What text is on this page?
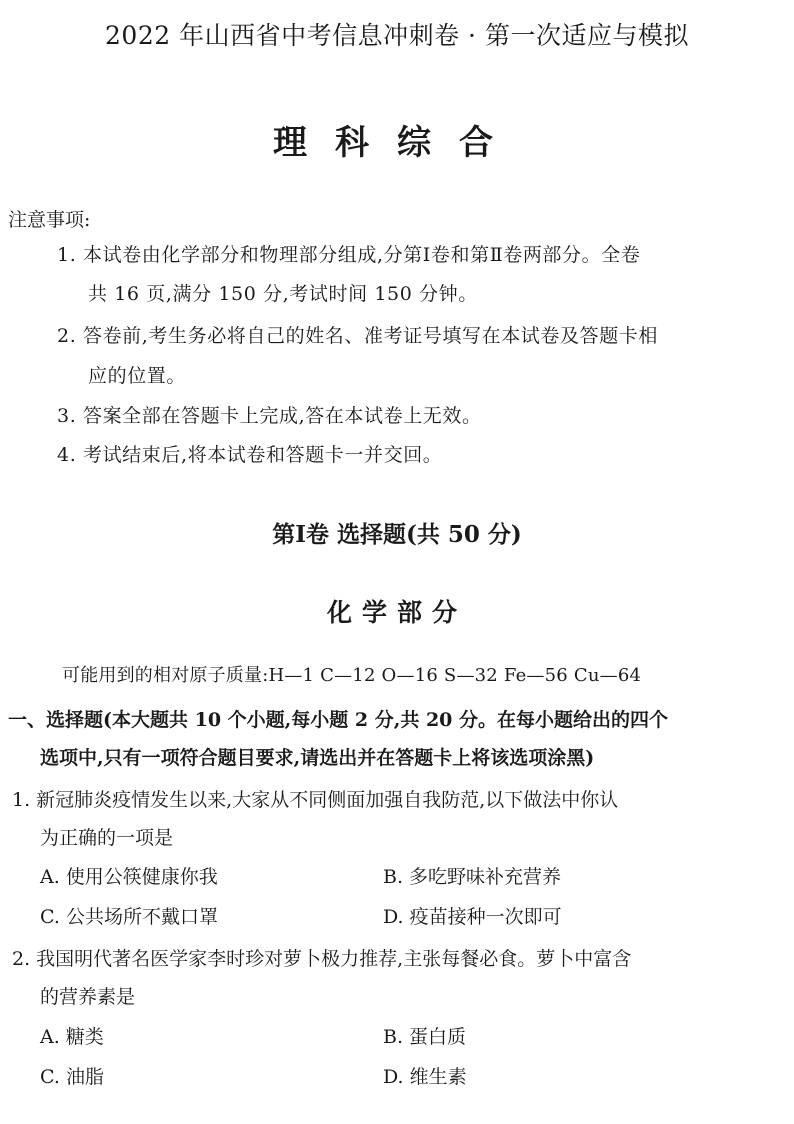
2022 年山西省中考信息冲刺卷 · 第一次适应与模拟
理科综合
注意事项:
1. 本试卷由化学部分和物理部分组成,分第Ⅰ卷和第Ⅱ卷两部分。全卷
共 16 页,满分 150 分,考试时间 150 分钟。
2. 答卷前,考生务必将自己的姓名、准考证号填写在本试卷及答题卡相
应的位置。
3. 答案全部在答题卡上完成,答在本试卷上无效。
4. 考试结束后,将本试卷和答题卡一并交回。
第Ⅰ卷 选择题(共 50 分)
化学部分
可能用到的相对原子质量:H—1 C—12 O—16 S—32 Fe—56 Cu—64
一、选择题(本大题共 10 个小题,每小题 2 分,共 20 分。在每小题给出的四个
选项中,只有一项符合题目要求,请选出并在答题卡上将该选项涂黑)
1. 新冠肺炎疫情发生以来,大家从不同侧面加强自我防范,以下做法中你认
为正确的一项是
A. 使用公筷健康你我	B. 多吃野味补充营养
C. 公共场所不戴口罩	D. 疫苗接种一次即可
2. 我国明代著名医学家李时珍对萝卜极力推荐,主张每餐必食。萝卜中富含
的营养素是
A. 糖类	B. 蛋白质
C. 油脂	D. 维生素
